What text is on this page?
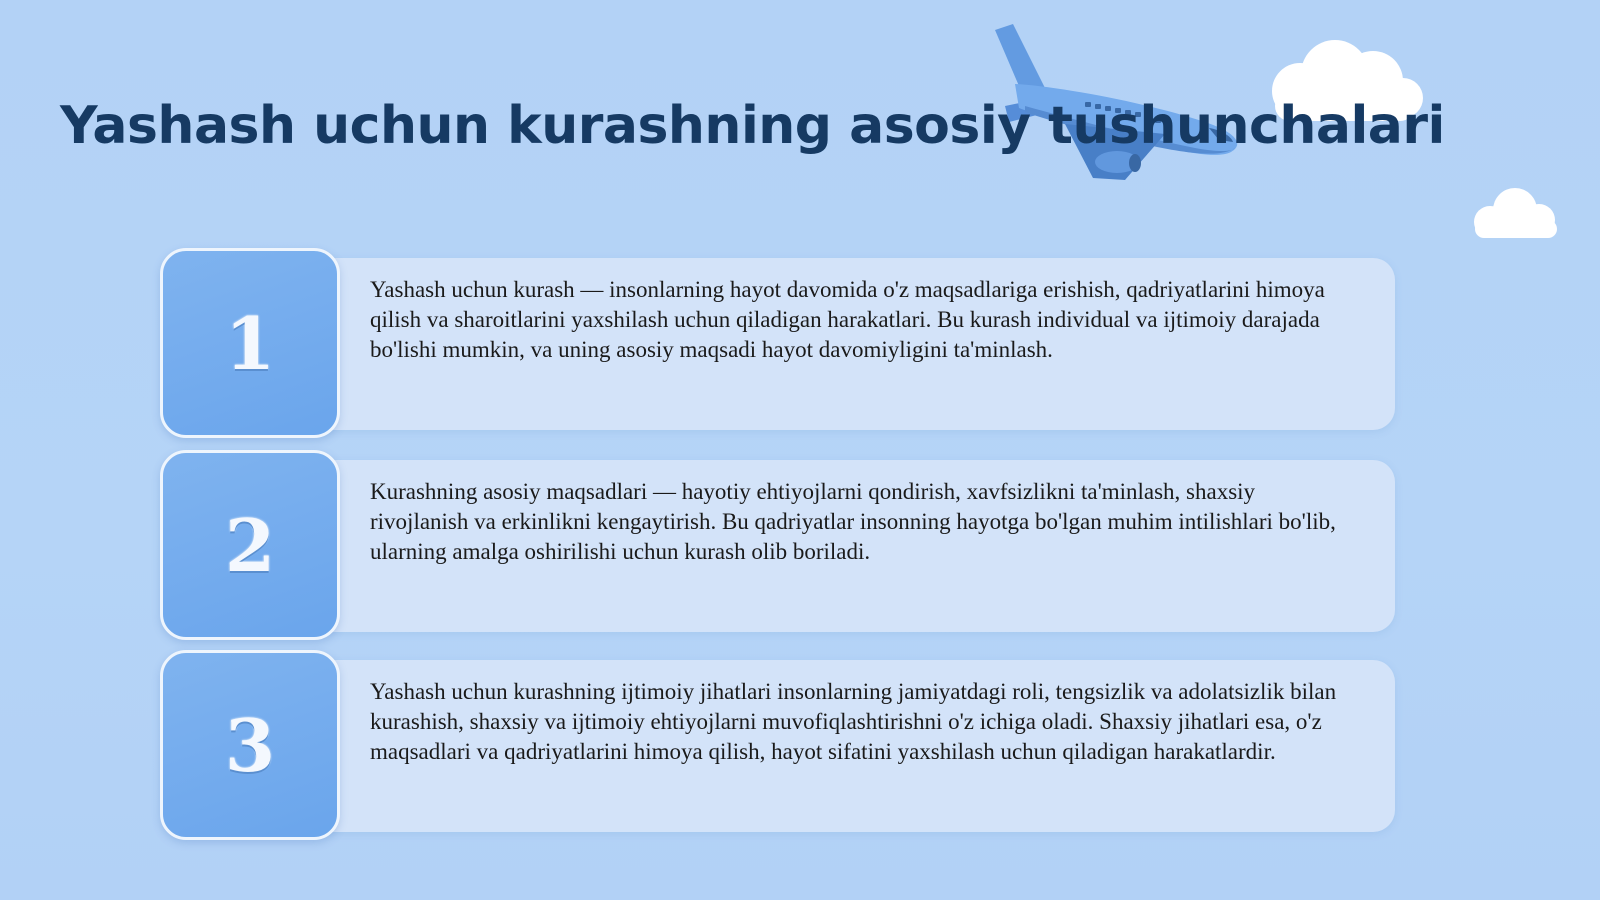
Yashash uchun kurashning asosiy tushunchalari
1

Yashash uchun kurash — insonlarning hayot davomida o'z maqsadlariga erishish, qadriyatlarini himoya qilish va sharoitlarini yaxshilash uchun qiladigan harakatlari. Bu kurash individual va ijtimoiy darajada bo'lishi mumkin, va uning asosiy maqsadi hayot davomiyligini ta'minlash.

2

Kurashning asosiy maqsadlari — hayotiy ehtiyojlarni qondirish, xavfsizlikni ta'minlash, shaxsiy rivojlanish va erkinlikni kengaytirish. Bu qadriyatlar insonning hayotga bo'lgan muhim intilishlari bo'lib, ularning amalga oshirilishi uchun kurash olib boriladi.

3

Yashash uchun kurashning ijtimoiy jihatlari insonlarning jamiyatdagi roli, tengsizlik va adolatsizlik bilan kurashish, shaxsiy va ijtimoiy ehtiyojlarni muvofiqlashtirishni o'z ichiga oladi. Shaxsiy jihatlari esa, o'z maqsadlari va qadriyatlarini himoya qilish, hayot sifatini yaxshilash uchun qiladigan harakatlardir.
